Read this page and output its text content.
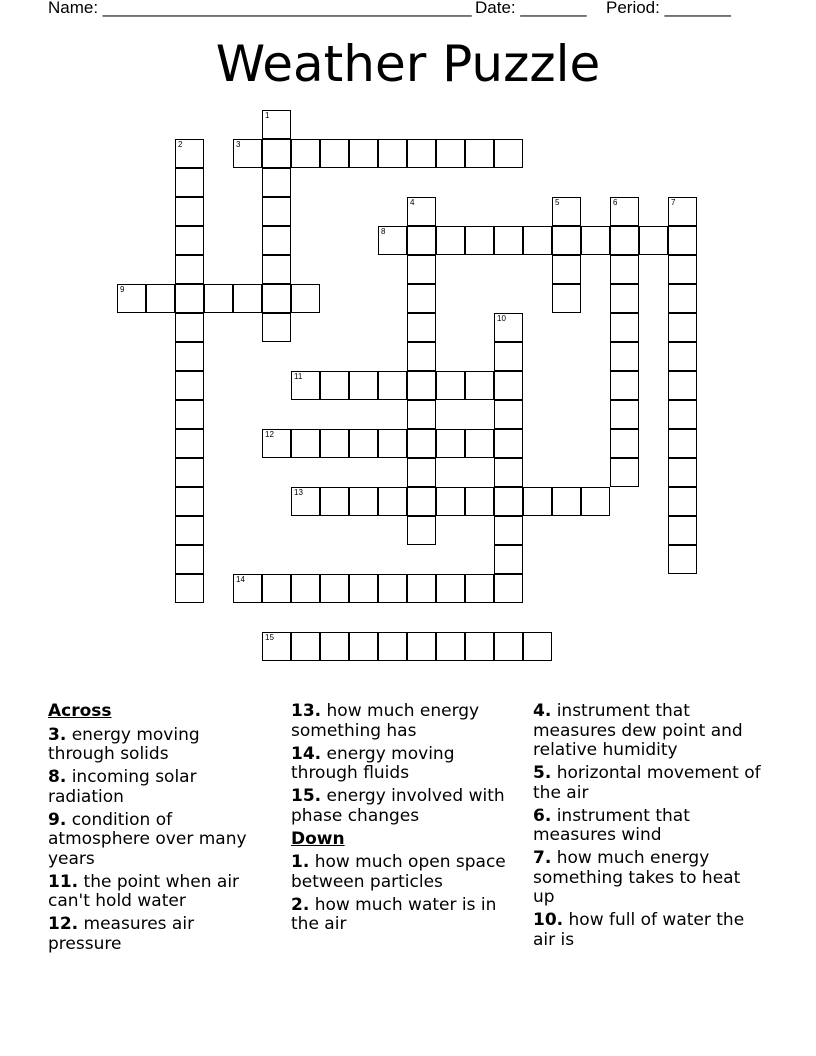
Name: _______________________________________ Date: _______ Period: _______
Weather Puzzle
1
2	3
4	5	6	7
8
9
10
11
12
13
14
15
Across
3. energy moving through solids
8. incoming solar radiation
9. condition of atmosphere over many years
11. the point when air can't hold water
12. measures air pressure
13. how much energy something has
14. energy moving through fluids
15. energy involved with phase changes
Down
1. how much open space between particles
2. how much water is in the air
4. instrument that measures dew point and relative humidity
5. horizontal movement of the air
6. instrument that measures wind
7. how much energy something takes to heat up
10. how full of water the air is
